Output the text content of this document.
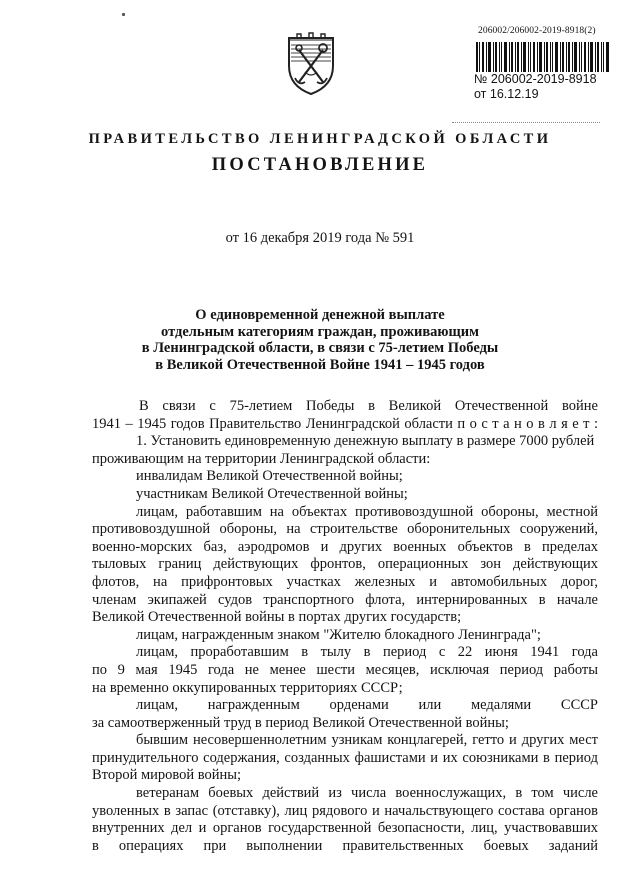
206002/206002-2019-8918(2)
№ 206002-2019-8918
от 16.12.19
ПРАВИТЕЛЬСТВО ЛЕНИНГРАДСКОЙ ОБЛАСТИ
ПОСТАНОВЛЕНИЕ
от 16 декабря 2019 года № 591
О единовременной денежной выплате
отдельным категориям граждан, проживающим
в Ленинградской области, в связи с 75-летием Победы
в Великой Отечественной Войне 1941 – 1945 годов
В связи с 75-летием Победы в Великой Отечественной войне
1941 – 1945 годов Правительство Ленинградской области п о с т а н о в л я е т :
1. Установить единовременную денежную выплату в размере 7000 рублей
проживающим на территории Ленинградской области:
инвалидам Великой Отечественной войны;
участникам Великой Отечественной войны;
лицам, работавшим на объектах противовоздушной обороны, местной
противовоздушной обороны, на строительстве оборонительных сооружений,
военно-морских баз, аэродромов и других военных объектов в пределах
тыловых границ действующих фронтов, операционных зон действующих
флотов, на прифронтовых участках железных и автомобильных дорог,
членам экипажей судов транспортного флота, интернированных в начале
Великой Отечественной войны в портах других государств;
лицам, награжденным знаком "Жителю блокадного Ленинграда";
лицам, проработавшим в тылу в период с 22 июня 1941 года
по 9 мая 1945 года не менее шести месяцев, исключая период работы
на временно оккупированных территориях СССР;
лицам, награжденным орденами или медалями СССР
за самоотверженный труд в период Великой Отечественной войны;
бывшим несовершеннолетним узникам концлагерей, гетто и других мест
принудительного содержания, созданных фашистами и их союзниками в период
Второй мировой войны;
ветеранам боевых действий из числа военнослужащих, в том числе
уволенных в запас (отставку), лиц рядового и начальствующего состава органов
внутренних дел и органов государственной безопасности, лиц, участвовавших
в операциях при выполнении правительственных боевых заданий
